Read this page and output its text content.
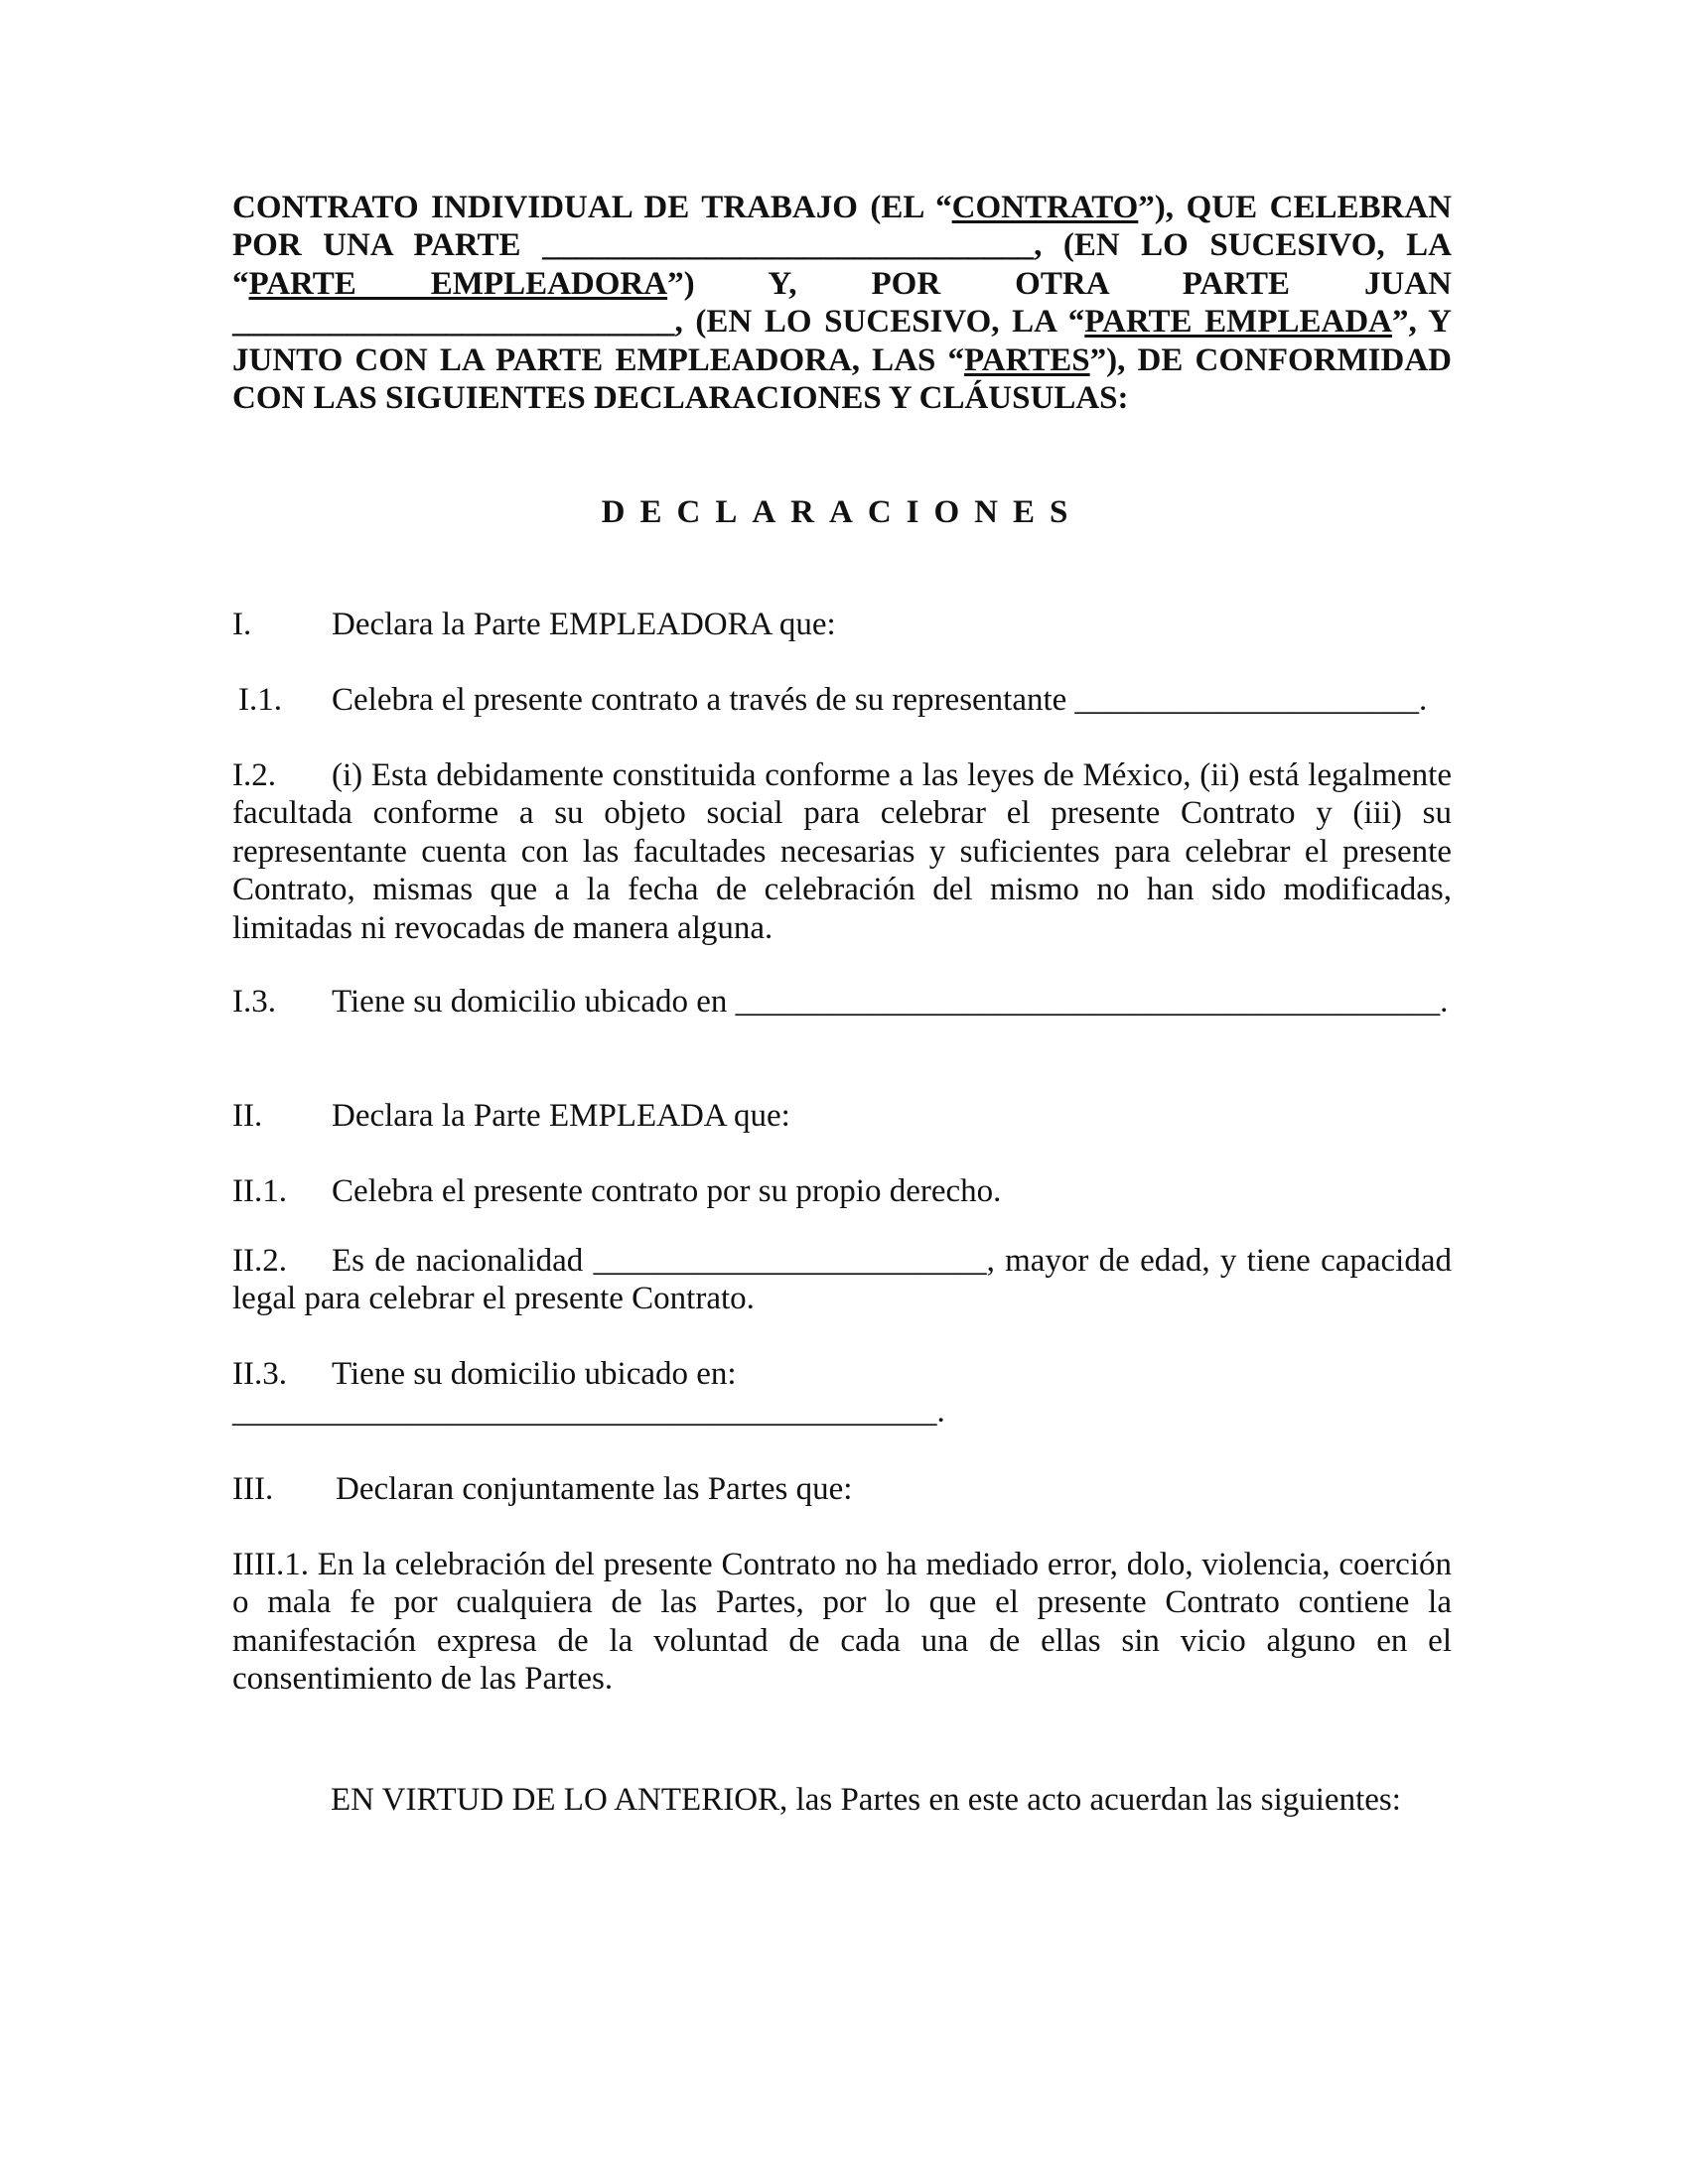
CONTRATO INDIVIDUAL DE TRABAJO (EL “CONTRATO”), QUE CELEBRAN POR UNA PARTE ______________________________, (EN LO SUCESIVO, LA “PARTE EMPLEADORA”) Y, POR OTRA PARTE JUAN ___________________________, (EN LO SUCESIVO, LA “PARTE EMPLEADA”, Y JUNTO CON LA PARTE EMPLEADORA, LAS “PARTES”), DE CONFORMIDAD CON LAS SIGUIENTES DECLARACIONES Y CLÁUSULAS:

DECLARACIONES

I. Declara la Parte EMPLEADORA que:

I.1. Celebra el presente contrato a través de su representante _____________________.

I.2. (i) Esta debidamente constituida conforme a las leyes de México, (ii) está legalmente facultada conforme a su objeto social para celebrar el presente Contrato y (iii) su representante cuenta con las facultades necesarias y suficientes para celebrar el presente Contrato, mismas que a la fecha de celebración del mismo no han sido modificadas, limitadas ni revocadas de manera alguna.

I.3. Tiene su domicilio ubicado en ___________________________________________.

II. Declara la Parte EMPLEADA que:

II.1. Celebra el presente contrato por su propio derecho.

II.2. Es de nacionalidad ________________________, mayor de edad, y tiene capacidad legal para celebrar el presente Contrato.

II.3. Tiene su domicilio ubicado en: ___________________________________________.

III. Declaran conjuntamente las Partes que:

IIII.1. En la celebración del presente Contrato no ha mediado error, dolo, violencia, coerción o mala fe por cualquiera de las Partes, por lo que el presente Contrato contiene la manifestación expresa de la voluntad de cada una de ellas sin vicio alguno en el consentimiento de las Partes.

EN VIRTUD DE LO ANTERIOR, las Partes en este acto acuerdan las siguientes:
